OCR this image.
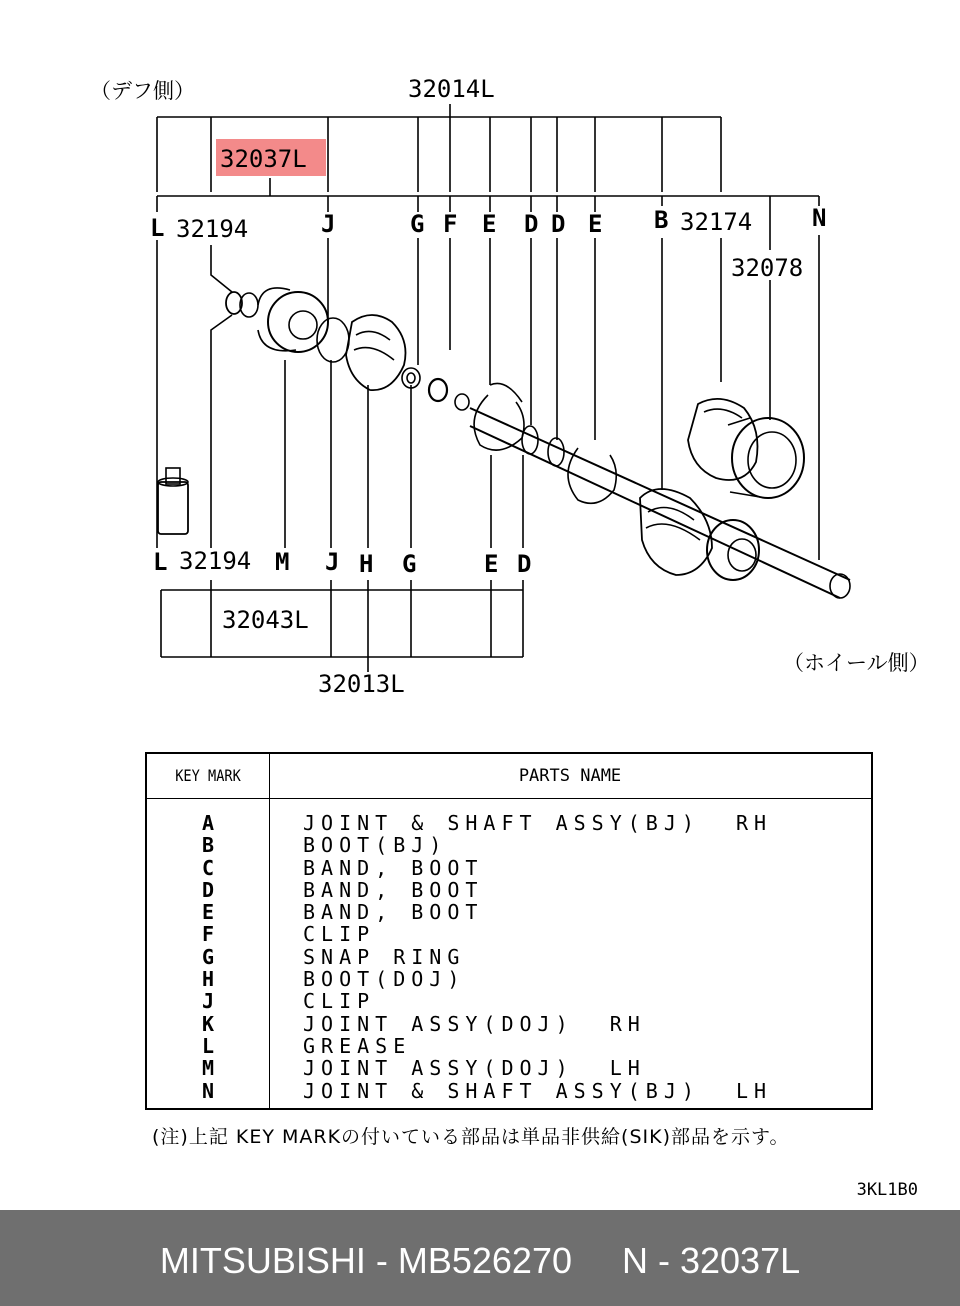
（デフ側）
（ホイール側）
32014L
32037L
L 32194	J	G F E D D E B 32174 N
32078
L 32194 M J H G	E D
32043L
32013L
KEY MARK	PARTS NAME
A	JOINT & SHAFT ASSY(BJ)  RH
B	BOOT(BJ)
C	BAND, BOOT
D	BAND, BOOT
E	BAND, BOOT
F	CLIP
G	SNAP RING
H	BOOT(DOJ)
J	CLIP
K	JOINT ASSY(DOJ)  RH
L	GREASE
M	JOINT ASSY(DOJ)  LH
N	JOINT & SHAFT ASSY(BJ)  LH
(注)上記 KEY MARKの付いている部品は単品非供給(SIK)部品を示す。
3KL1B0
MITSUBISHI - MB526270     N - 32037L
